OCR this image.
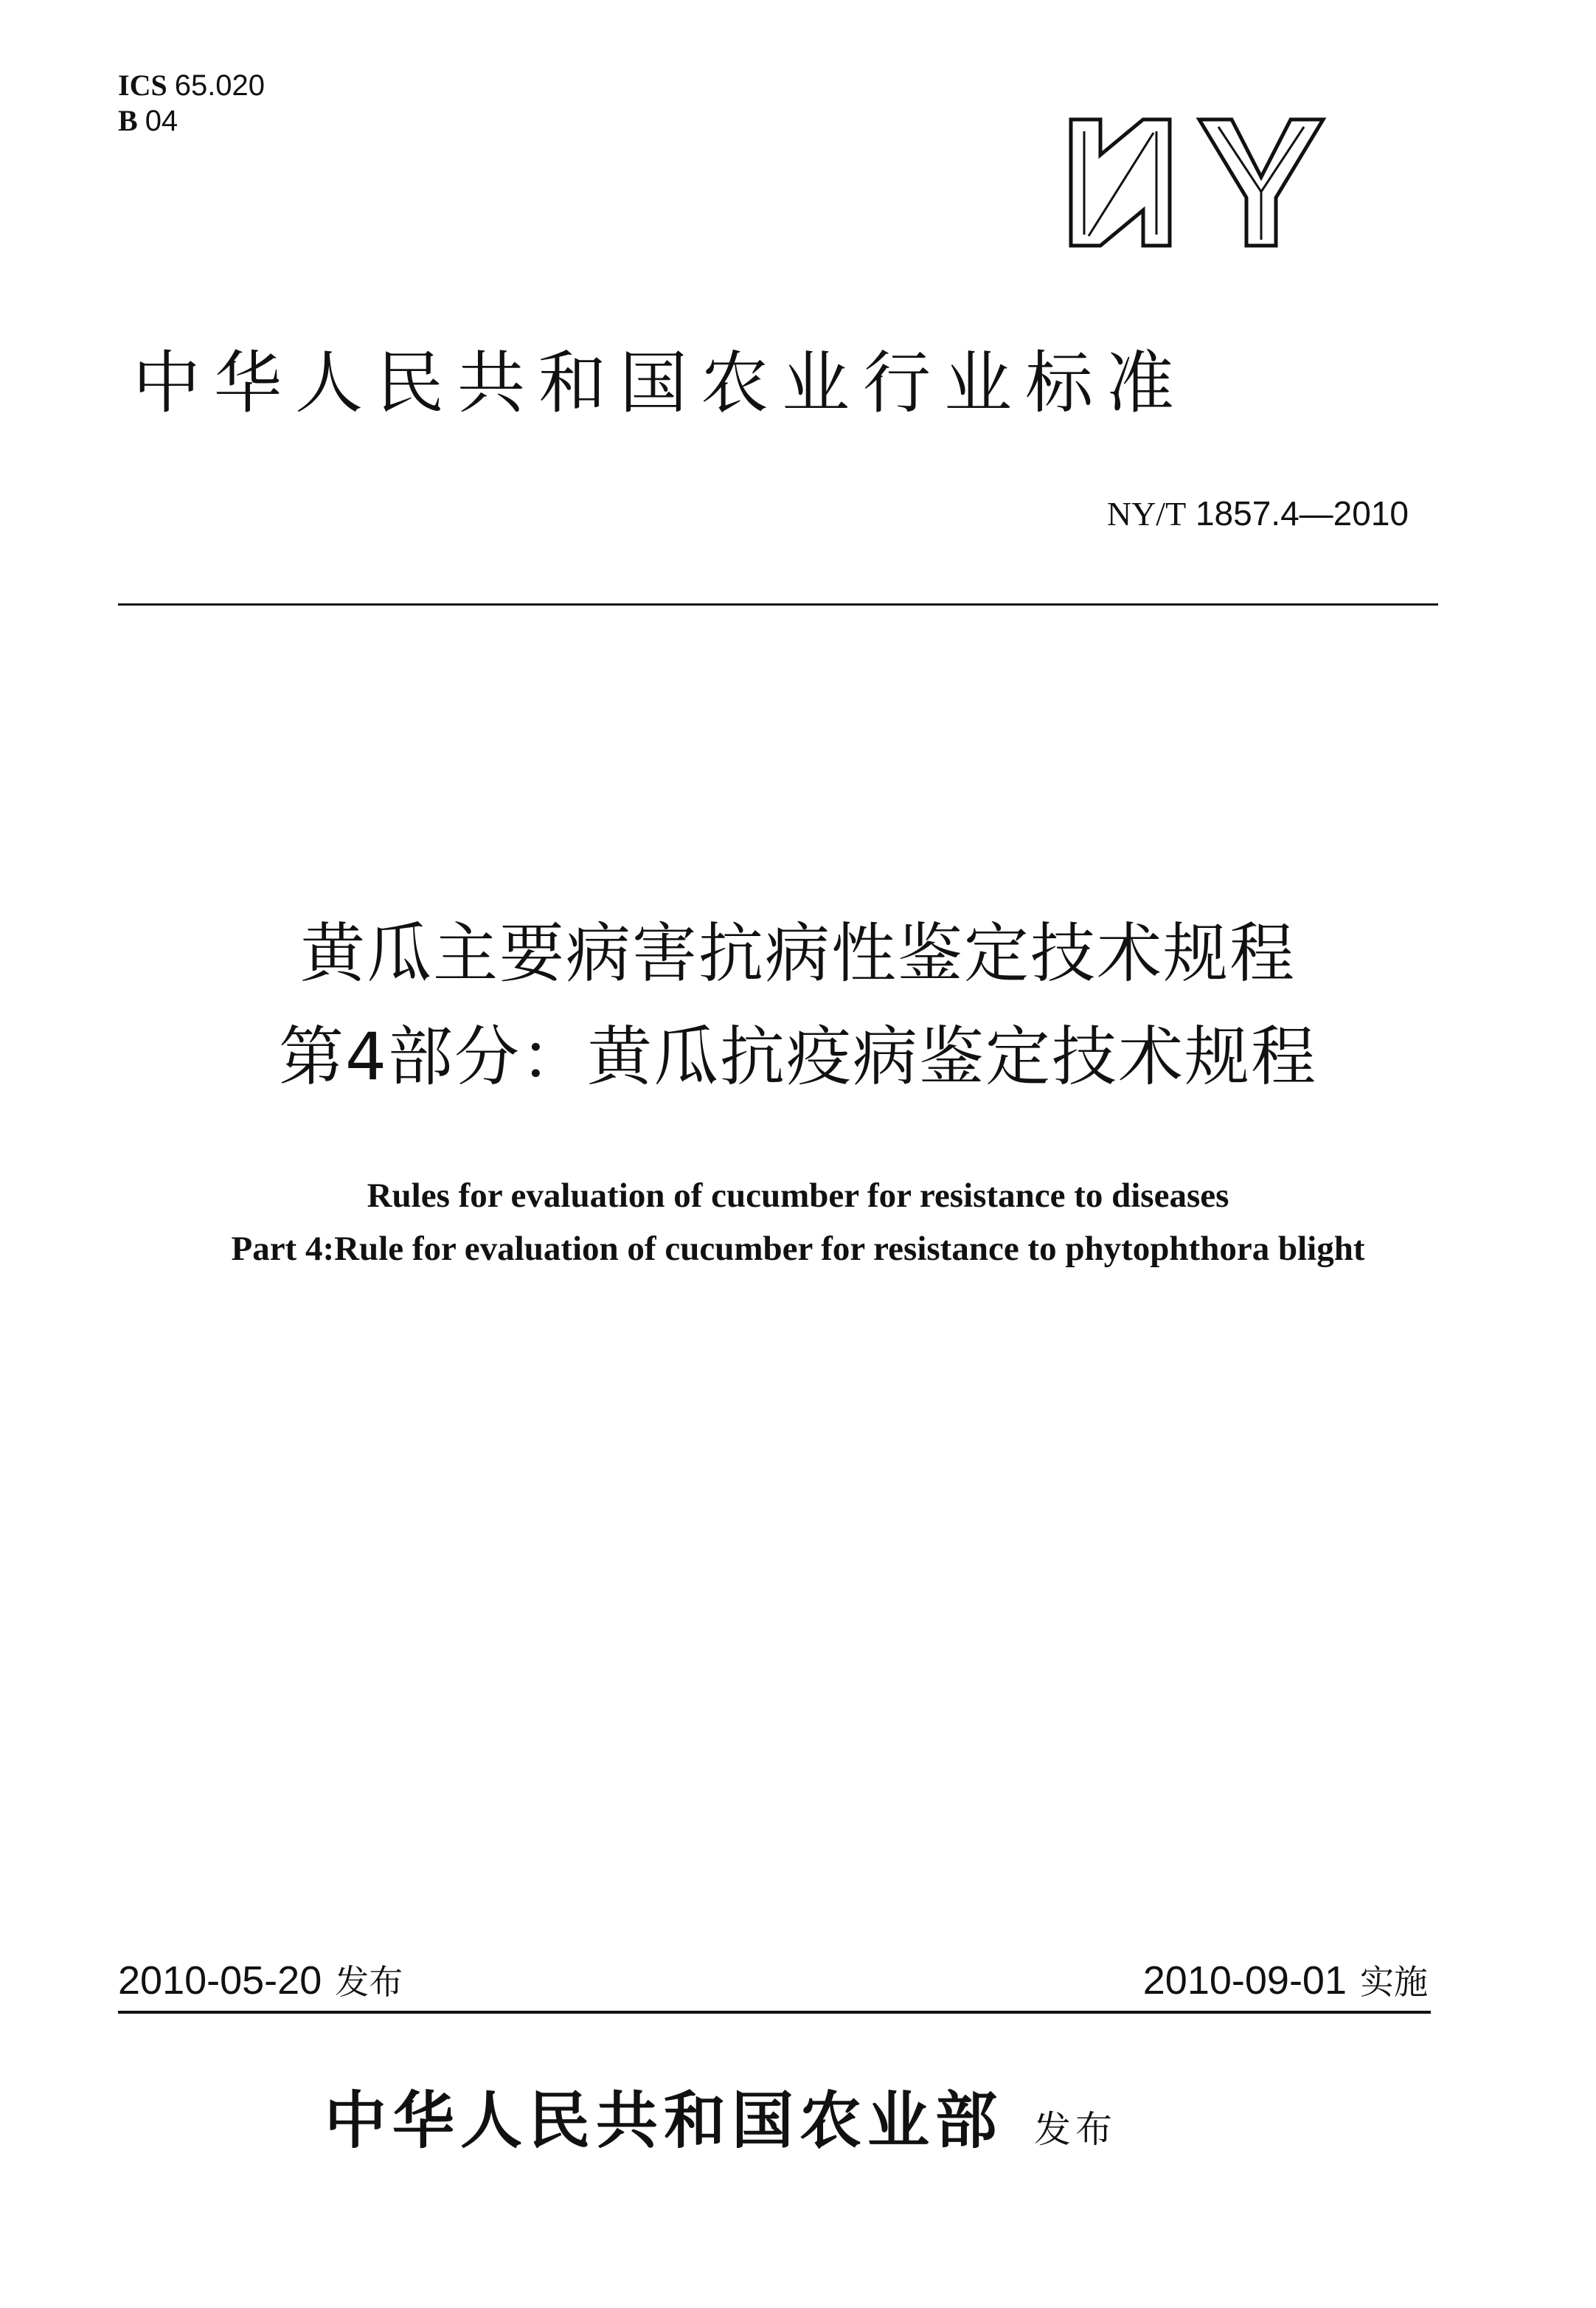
ICS 65.020
B 04
NY
中华人民共和国农业行业标准
NY/T 1857.4—2010
黄瓜主要病害抗病性鉴定技术规程
第4部分：黄瓜抗疫病鉴定技术规程
Rules for evaluation of cucumber for resistance to diseases
Part 4:Rule for evaluation of cucumber for resistance to phytophthora blight
2010-05-20 发布	2010-09-01 实施
中华人民共和国农业部 发布
